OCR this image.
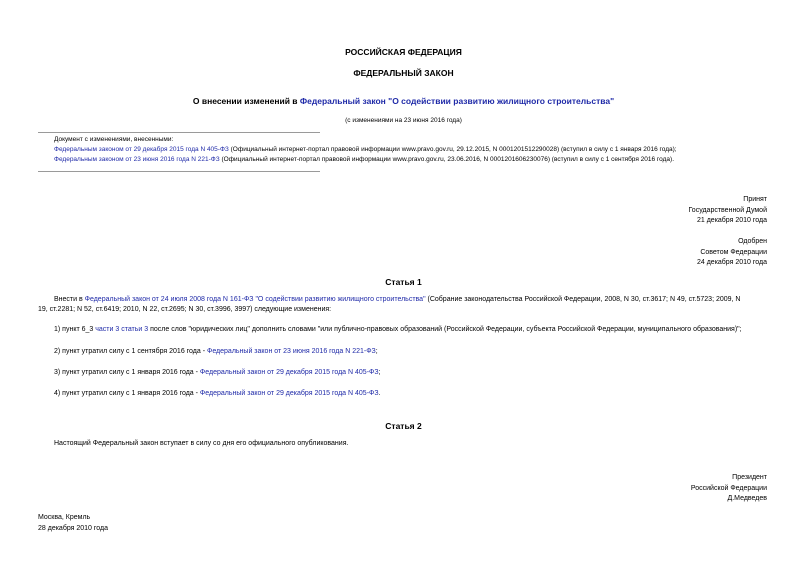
РОССИЙСКАЯ ФЕДЕРАЦИЯ
ФЕДЕРАЛЬНЫЙ ЗАКОН
О внесении изменений в Федеральный закон "О содействии развитию жилищного строительства"
(с изменениями на 23 июня 2016 года)
Документ с изменениями, внесенными:
Федеральным законом от 29 декабря 2015 года N 405-ФЗ (Официальный интернет-портал правовой информации www.pravo.gov.ru, 29.12.2015, N 0001201512290028) (вступил в силу с 1 января 2016 года);
Федеральным законом от 23 июня 2016 года N 221-ФЗ (Официальный интернет-портал правовой информации www.pravo.gov.ru, 23.06.2016, N 0001201606230076) (вступил в силу с 1 сентября 2016 года).

Принят

Государственной Думой

21 декабря 2010 года

Одобрен

Советом Федерации

24 декабря 2010 года

Статья 1
Внести в Федеральный закон от 24 июля 2008 года N 161-ФЗ "О содействии развитию жилищного строительства" (Собрание законодательства Российской Федерации, 2008, N 30, ст.3617; N 49, ст.5723; 2009, N
19, ст.2281; N 52, ст.6419; 2010, N 22, ст.2695; N 30, ст.3996, 3997) следующие изменения:
1) пункт 6_3 части 3 статьи 3 после слов "юридических лиц" дополнить словами "или публично-правовых образований (Российской Федерации, субъекта Российской Федерации, муниципального образования)";
2) пункт утратил силу с 1 сентября 2016 года - Федеральный закон от 23 июня 2016 года N 221-ФЗ;
3) пункт утратил силу с 1 января 2016 года - Федеральный закон от 29 декабря 2015 года N 405-ФЗ;
4) пункт утратил силу с 1 января 2016 года - Федеральный закон от 29 декабря 2015 года N 405-ФЗ.
Статья 2
Настоящий Федеральный закон вступает в силу со дня его официального опубликования.

Президент

Российской Федерации

Д.Медведев

Москва, Кремль

28 декабря 2010 года
